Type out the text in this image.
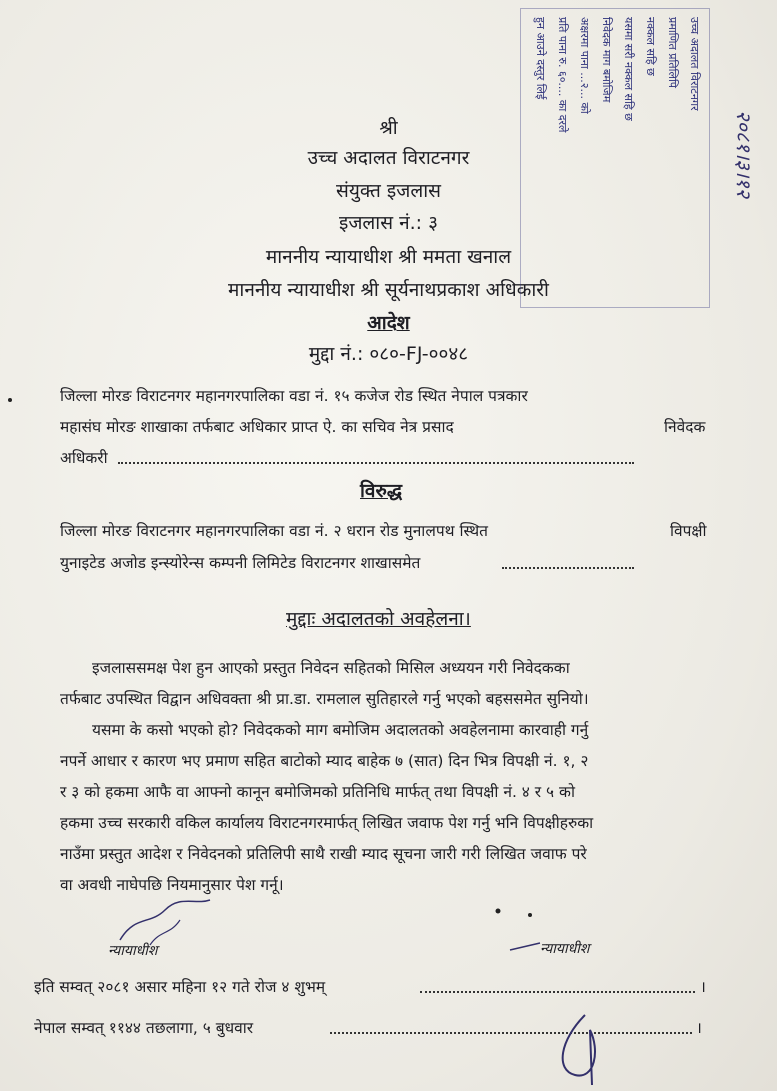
श्री
उच्च अदालत विराटनगर
संयुक्त इजलास
इजलास नं.: ३
माननीय न्यायाधीश श्री ममता खनाल
माननीय न्यायाधीश श्री सूर्यनाथप्रकाश अधिकारी
आदेश
मुद्दा नं.: ०८०-FJ-००४८
जिल्ला मोरङ विराटनगर महानगरपालिका वडा नं. १५ कजेज रोड स्थित नेपाल पत्रकार
महासंघ मोरङ शाखाका तर्फबाट अधिकार प्राप्त ऐ. का सचिव नेत्र प्रसाद	निवेदक
अधिकरी
विरुद्ध
जिल्ला मोरङ विराटनगर महानगरपालिका वडा नं. २ धरान रोड मुनालपथ स्थित	विपक्षी
युनाइटेड अजोड इन्स्योरेन्स कम्पनी लिमिटेड विराटनगर शाखासमेत
मुद्दाः अदालतको अवहेलना।
इजलाससमक्ष पेश हुन आएको प्रस्तुत निवेदन सहितको मिसिल अध्ययन गरी निवेदकका
तर्फबाट उपस्थित विद्वान अधिवक्ता श्री प्रा.डा. रामलाल सुतिहारले गर्नु भएको बहससमेत सुनियो।
यसमा के कसो भएको हो? निवेदकको माग बमोजिम अदालतको अवहेलनामा कारवाही गर्नु
नपर्ने आधार र कारण भए प्रमाण सहित बाटोको म्याद बाहेक ७ (सात) दिन भित्र विपक्षी नं. १, २
र ३ को हकमा आफै वा आफ्नो कानून बमोजिमको प्रतिनिधि मार्फत् तथा विपक्षी नं. ४ र ५ को
हकमा उच्च सरकारी वकिल कार्यालय विराटनगरमार्फत् लिखित जवाफ पेश गर्नु भनि विपक्षीहरुका
नाउँमा प्रस्तुत आदेश र निवेदनको प्रतिलिपी साथै राखी म्याद सूचना जारी गरी लिखित जवाफ परे
वा अवधी नाघेपछि नियमानुसार पेश गर्नू।
न्यायाधीश	न्यायाधीश
इति सम्वत् २०८१ असार महिना १२ गते रोज ४ शुभम्	।
नेपाल सम्वत् ११४४ तछलागा, ५ बुधवार	।
उच्च अदालत विराटनगर
प्रमाणित प्रतिलिपि
नक्कल सहि छ
यसमा सरी नक्कल सहि छ
निवेदक माग बमोजिम
अक्षरमा पाना ...२... को
प्रति पाना रु. ६०.... का दरले
हुन आउने दस्तुर लिई
२०८१।३।१२
